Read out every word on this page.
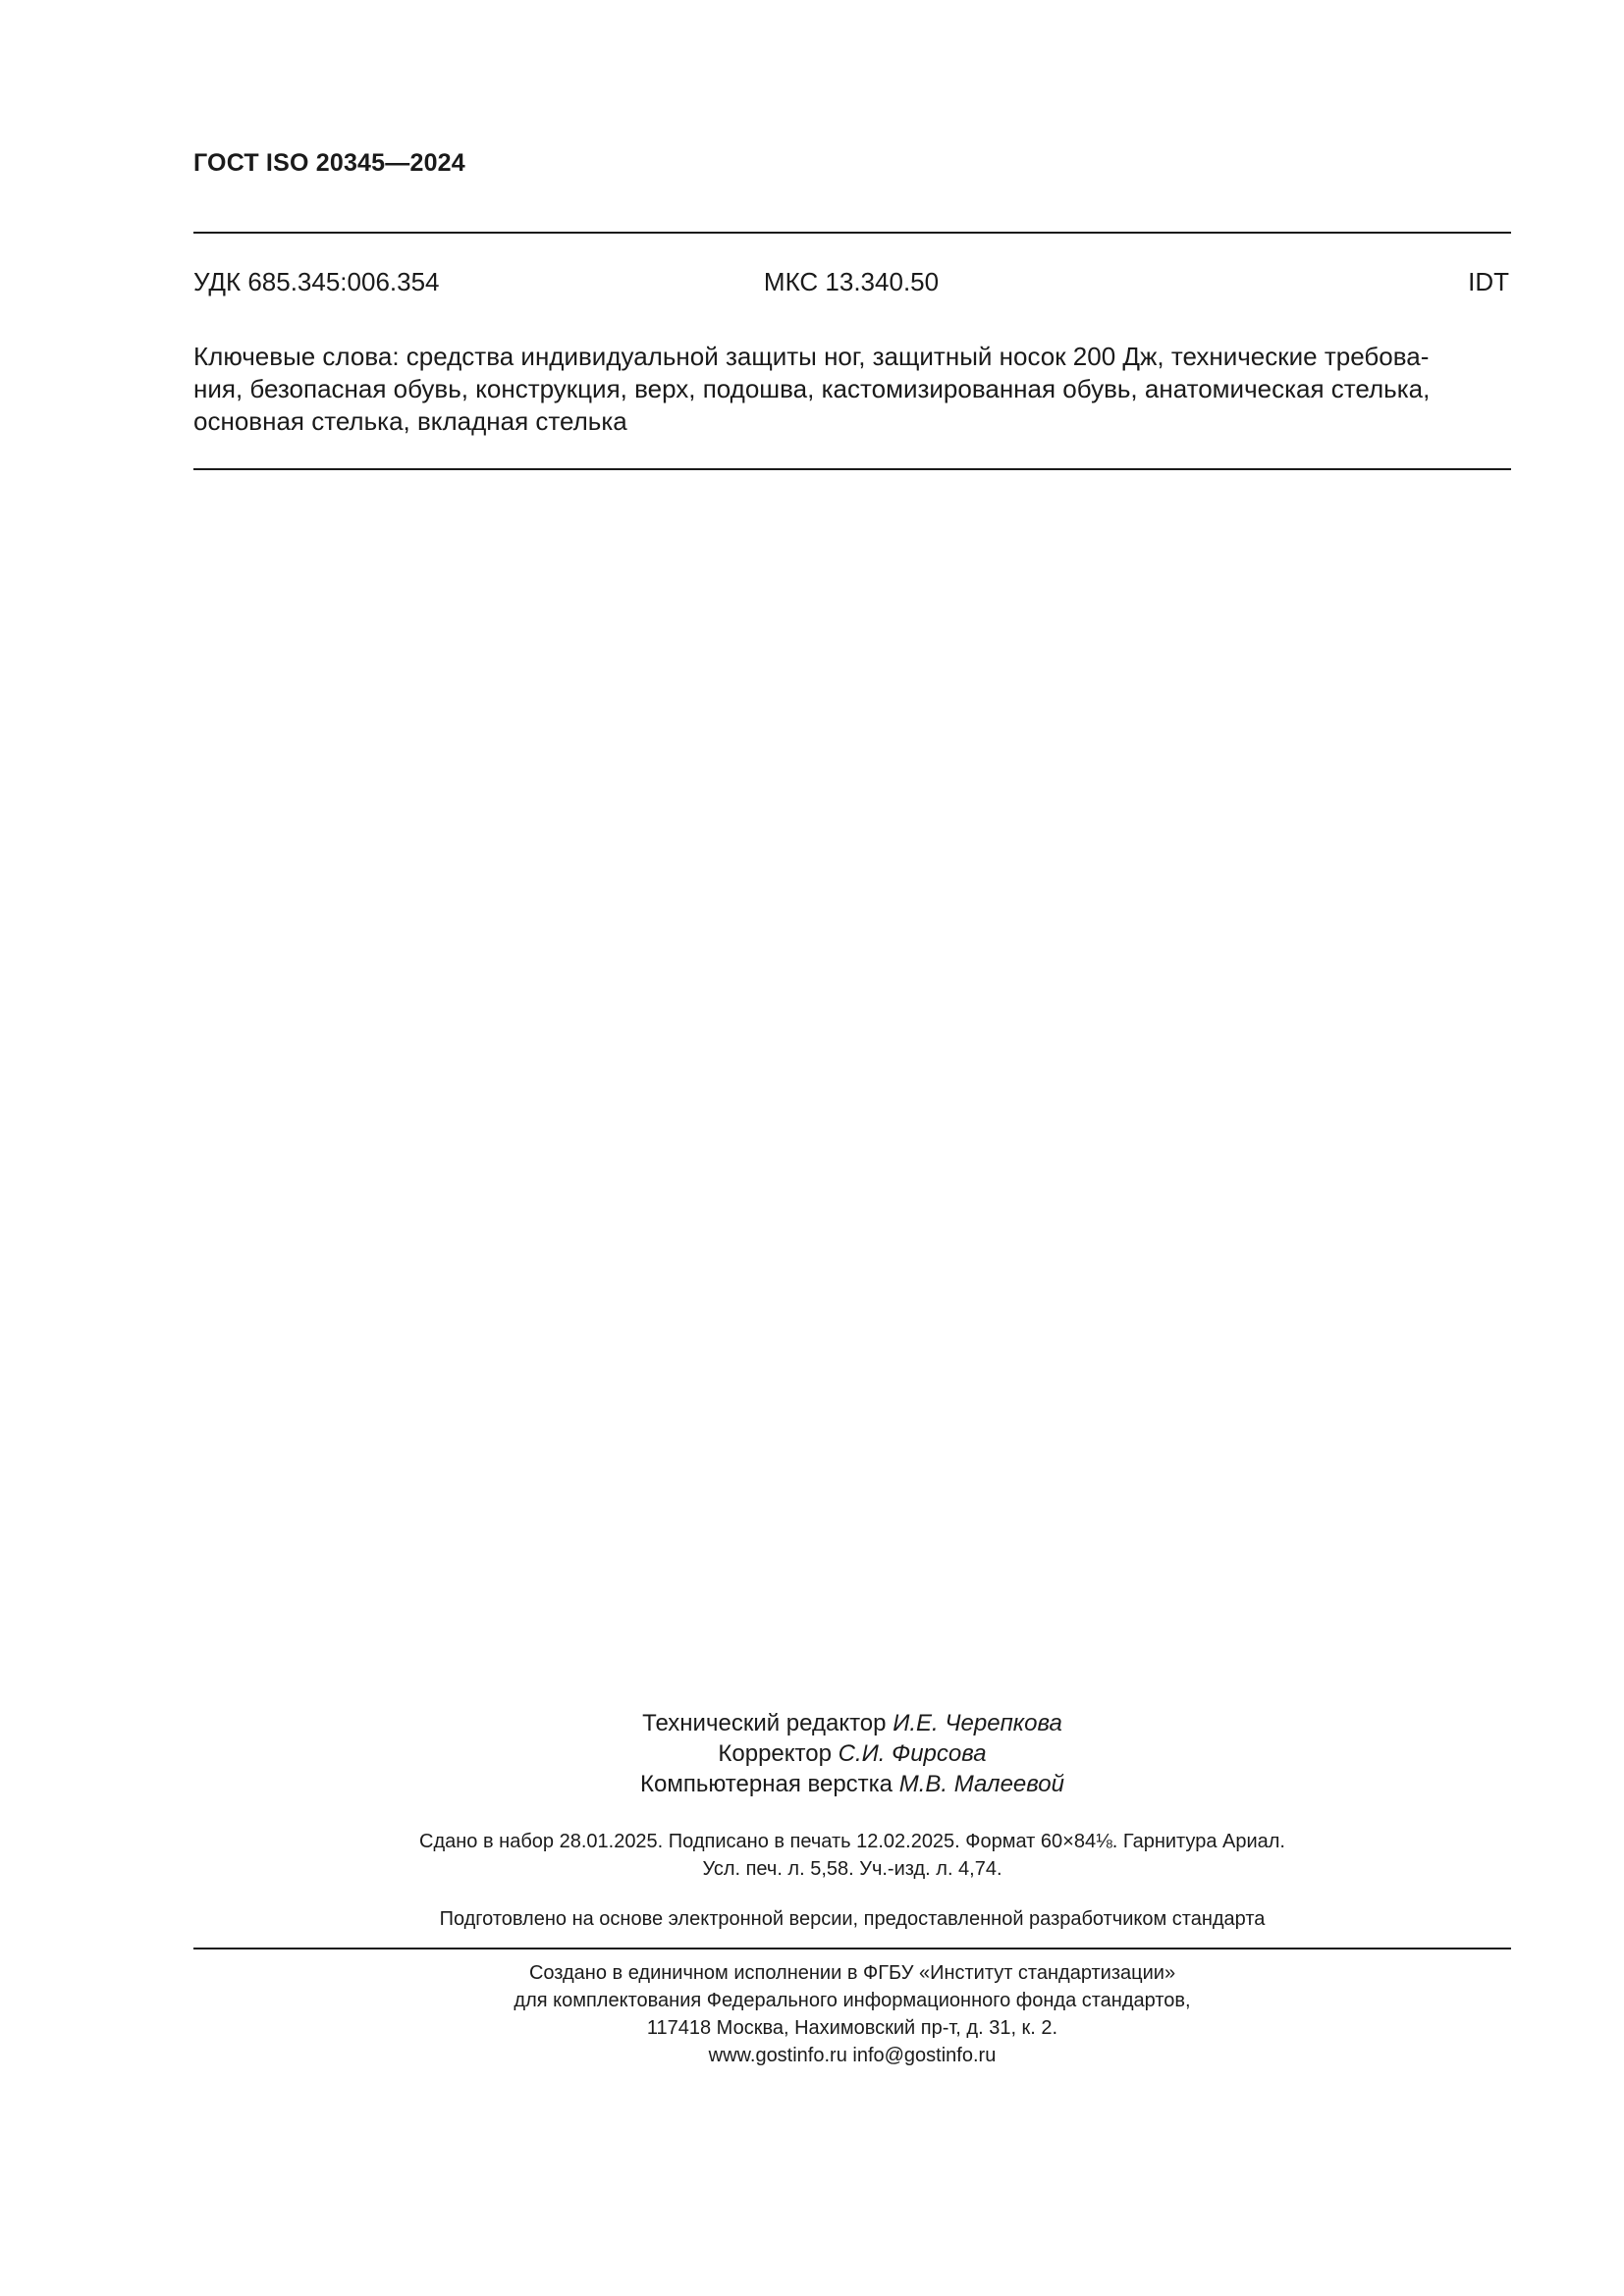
ГОСТ ISO 20345—2024
УДК 685.345:006.354	МКС 13.340.50	IDT
Ключевые слова: средства индивидуальной защиты ног, защитный носок 200 Дж, технические требова-
ния, безопасная обувь, конструкция, верх, подошва, кастомизированная обувь, анатомическая стелька,
основная стелька, вкладная стелька
Технический редактор И.Е. Черепкова
Корректор С.И. Фирсова
Компьютерная верстка М.В. Малеевой
Сдано в набор 28.01.2025. Подписано в печать 12.02.2025. Формат 60×84⅛. Гарнитура Ариал.
Усл. печ. л. 5,58. Уч.-изд. л. 4,74.
Подготовлено на основе электронной версии, предоставленной разработчиком стандарта
Создано в единичном исполнении в ФГБУ «Институт стандартизации»
для комплектования Федерального информационного фонда стандартов,
117418 Москва, Нахимовский пр-т, д. 31, к. 2.
www.gostinfo.ru info@gostinfo.ru
